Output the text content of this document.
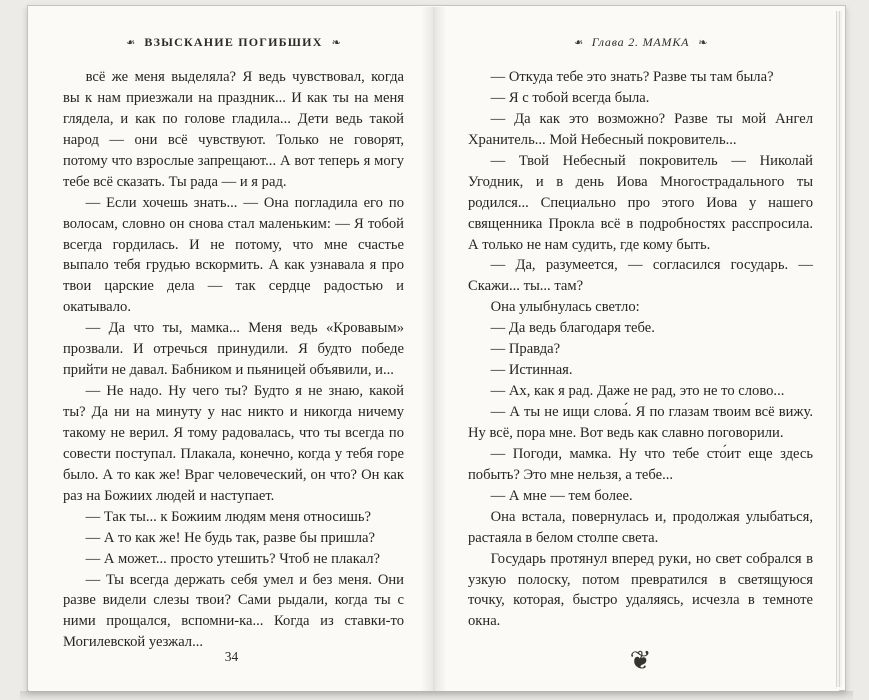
❧ ВЗЫСКАНИЕ ПОГИБШИХ ❧

всё же меня выделяла? Я ведь чувствовал, когда вы к нам приезжали на праздник... И как ты на меня глядела, и как по голове гладила... Дети ведь такой народ — они всё чувствуют. Только не говорят, потому что взрослые запрещают... А вот теперь я могу тебе всё сказать. Ты рада — и я рад.

— Если хочешь знать... — Она погладила его по волосам, словно он снова стал маленьким: — Я тобой всегда гордилась. И не потому, что мне счастье выпало тебя грудью вскормить. А как узнавала я про твои царские дела — так сердце радостью и окатывало.

— Да что ты, мамка... Меня ведь «Кровавым» прозвали. И отречься принудили. Я будто победе прийти не давал. Бабником и пьяницей объявили, и...

— Не надо. Ну чего ты? Будто я не знаю, какой ты? Да ни на минуту у нас никто и никогда ничему такому не верил. Я тому радовалась, что ты всегда по совести поступал. Плакала, конечно, когда у тебя горе было. А то как же! Враг человеческий, он что? Он как раз на Божиих людей и наступает.

— Так ты... к Божиим людям меня относишь?

— А то как же! Не будь так, разве бы пришла?

— А может... просто утешить? Чтоб не плакал?

— Ты всегда держать себя умел и без меня. Они разве видели слезы твои? Сами рыдали, когда ты с ними прощался, вспомни-ка... Когда из ставки-то Могилевской уезжал...

34
❧ Глава 2. МАМКА ❧

— Откуда тебе это знать? Разве ты там была?

— Я с тобой всегда была.

— Да как это возможно? Разве ты мой Ангел Хранитель... Мой Небесный покровитель...

— Твой Небесный покровитель — Николай Угодник, и в день Иова Многострадального ты родился... Специально про этого Иова у нашего священника Прокла всё в подробностях расспросила. А только не нам судить, где кому быть.

— Да, разумеется, — согласился государь. — Скажи... ты... там?

Она улыбнулась светло:

— Да ведь благодаря тебе.

— Правда?

— Истинная.

— Ах, как я рад. Даже не рад, это не то слово...

— А ты не ищи слова́. Я по глазам твоим всё вижу. Ну всё, пора мне. Вот ведь как славно поговорили.

— Погоди, мамка. Ну что тебе сто́ит еще здесь побыть? Это мне нельзя, а тебе...

— А мне — тем более.

Она встала, повернулась и, продолжая улыбаться, растаяла в белом столпе света.

Государь протянул вперед руки, но свет собрался в узкую полоску, потом превратился в светящуюся точку, которая, быстро удаляясь, исчезла в темноте окна.

❦
